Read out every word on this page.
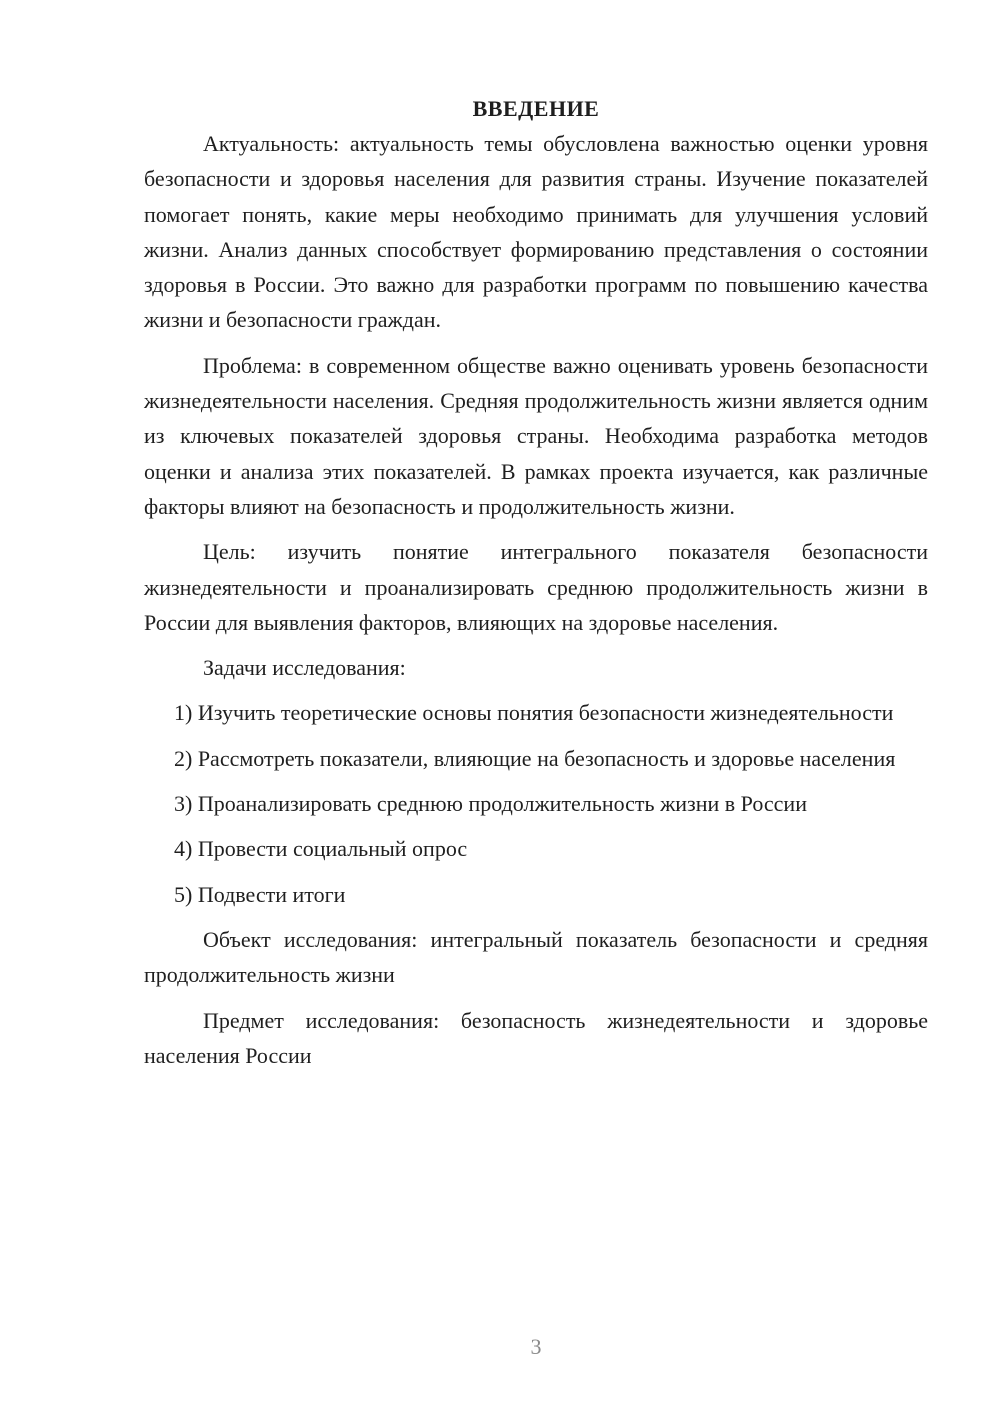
ВВЕДЕНИЕ

Актуальность: актуальность темы обусловлена важностью оценки уровня безопасности и здоровья населения для развития страны. Изучение показателей помогает понять, какие меры необходимо принимать для улучшения условий жизни. Анализ данных способствует формированию представления о состоянии здоровья в России. Это важно для разработки программ по повышению качества жизни и безопасности граждан.

Проблема: в современном обществе важно оценивать уровень безопасности жизнедеятельности населения. Средняя продолжительность жизни является одним из ключевых показателей здоровья страны. Необходима разработка методов оценки и анализа этих показателей. В рамках проекта изучается, как различные факторы влияют на безопасность и продолжительность жизни.

Цель: изучить понятие интегрального показателя безопасности жизнедеятельности и проанализировать среднюю продолжительность жизни в России для выявления факторов, влияющих на здоровье населения.

Задачи исследования:

1) Изучить теоретические основы понятия безопасности жизнедеятельности

2) Рассмотреть показатели, влияющие на безопасность и здоровье населения

3) Проанализировать среднюю продолжительность жизни в России

4) Провести социальный опрос

5) Подвести итоги

Объект исследования: интегральный показатель безопасности и средняя продолжительность жизни

Предмет исследования: безопасность жизнедеятельности и здоровье населения России

3
